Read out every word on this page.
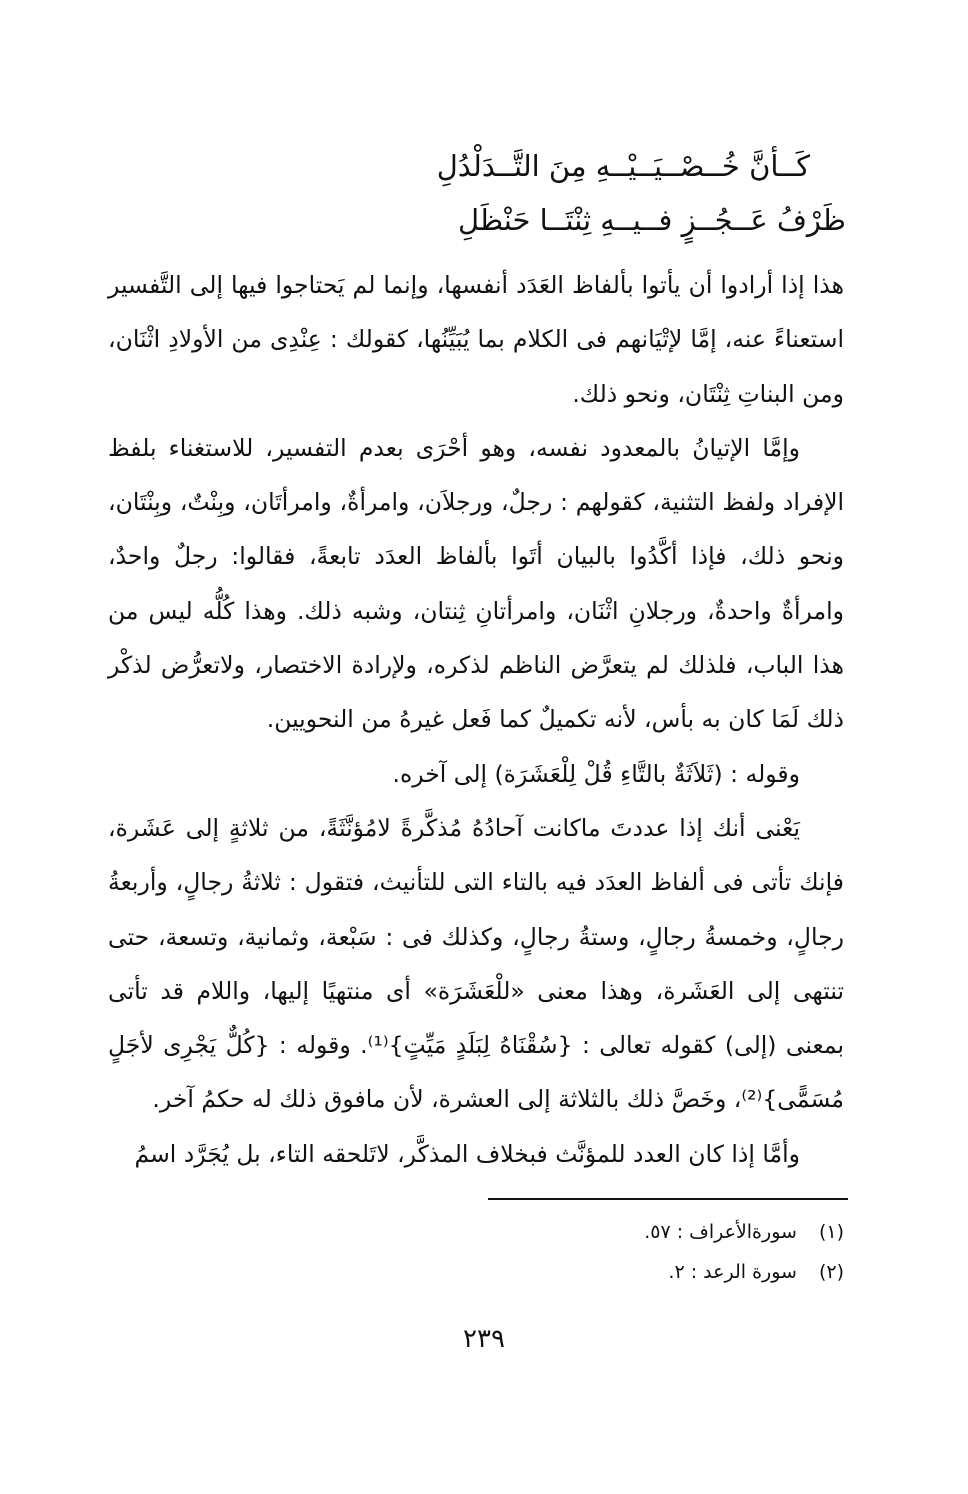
كَــأنَّ خُــصْــيَــيْــهِ مِنَ التَّــدَلْدُلِ
ظَرْفُ عَــجُــزٍ فــيــهِ ثِنْتَــا حَنْظَلِ

هذا إذا أرادوا أن يأتوا بألفاظ العَدَد أنفسها، وإنما لم يَحتاجوا فيها إلى التَّفسير استعناءً عنه، إمَّا لإتْيَانهم فى الكلام بما يُبَيِّنُها، كقولك : عِنْدِى من الأولادِ اثْنَان، ومن البناتِ ثِنْتَان، ونحو ذلك.

وإمَّا الإتيانُ بالمعدود نفسه، وهو أحْرَى بعدم التفسير، للاستغناء بلفظ الإفراد ولفظ التثنية، كقولهم : رجلٌ، ورجلاَن، وامرأةٌ، وامرأتَان، وبِنْتٌ، وبِنْتَان، ونحو ذلك، فإذا أكَّدُوا بالبيان أتَوا بألفاظ العدَد تابعةً، فقالوا: رجلٌ واحدٌ، وامرأةٌ واحدةٌ، ورجلانِ اثْنَان، وامرأتانِ ثِنتان، وشبه ذلك. وهذا كُلُّه ليس من هذا الباب، فلذلك لم يتعرَّض الناظم لذكره، ولإرادة الاختصار، ولاتعرُّض لذكْر ذلك لَمَا كان به بأس، لأنه تكميلٌ كما فَعل غيرهُ من النحويين.

وقوله : (ثَلاَثَةٌ بالتَّاءِ قُلْ لِلْعَشَرَة) إلى آخره.

يَعْنى أنك إذا عددتَ ماكانت آحادُهُ مُذكَّرةً لامُؤنَّثَةً، من ثلاثةٍ إلى عَشَرة، فإنك تأتى فى ألفاظ العدَد فيه بالتاء التى للتأنيث، فتقول : ثلاثةُ رجالٍ، وأربعةُ رجالٍ، وخمسةُ رجالٍ، وستةُ رجالٍ، وكذلك فى : سَبْعة، وثمانية، وتسعة، حتى تنتهى إلى العَشَرة، وهذا معنى «للْعَشَرَة» أى منتهيًا إليها، واللام قد تأتى بمعنى (إلى) كقوله تعالى : {سُقْنَاهُ لِبَلَدٍ مَيِّتٍ}⁽¹⁾. وقوله : {كُلٌّ يَجْرِى لأجَلٍ مُسَمًّى}⁽²⁾، وخَصَّ ذلك بالثلاثة إلى العشرة، لأن مافوق ذلك له حكمُ آخر.

وأمَّا إذا كان العدد للمؤنَّث فبخلاف المذكَّر، لاتَلحقه التاء، بل يُجَرَّد اسمُ

(١)
سورةالأعراف : ٥٧.
(٢)
سورة الرعد : ٢.
٢٣٩
